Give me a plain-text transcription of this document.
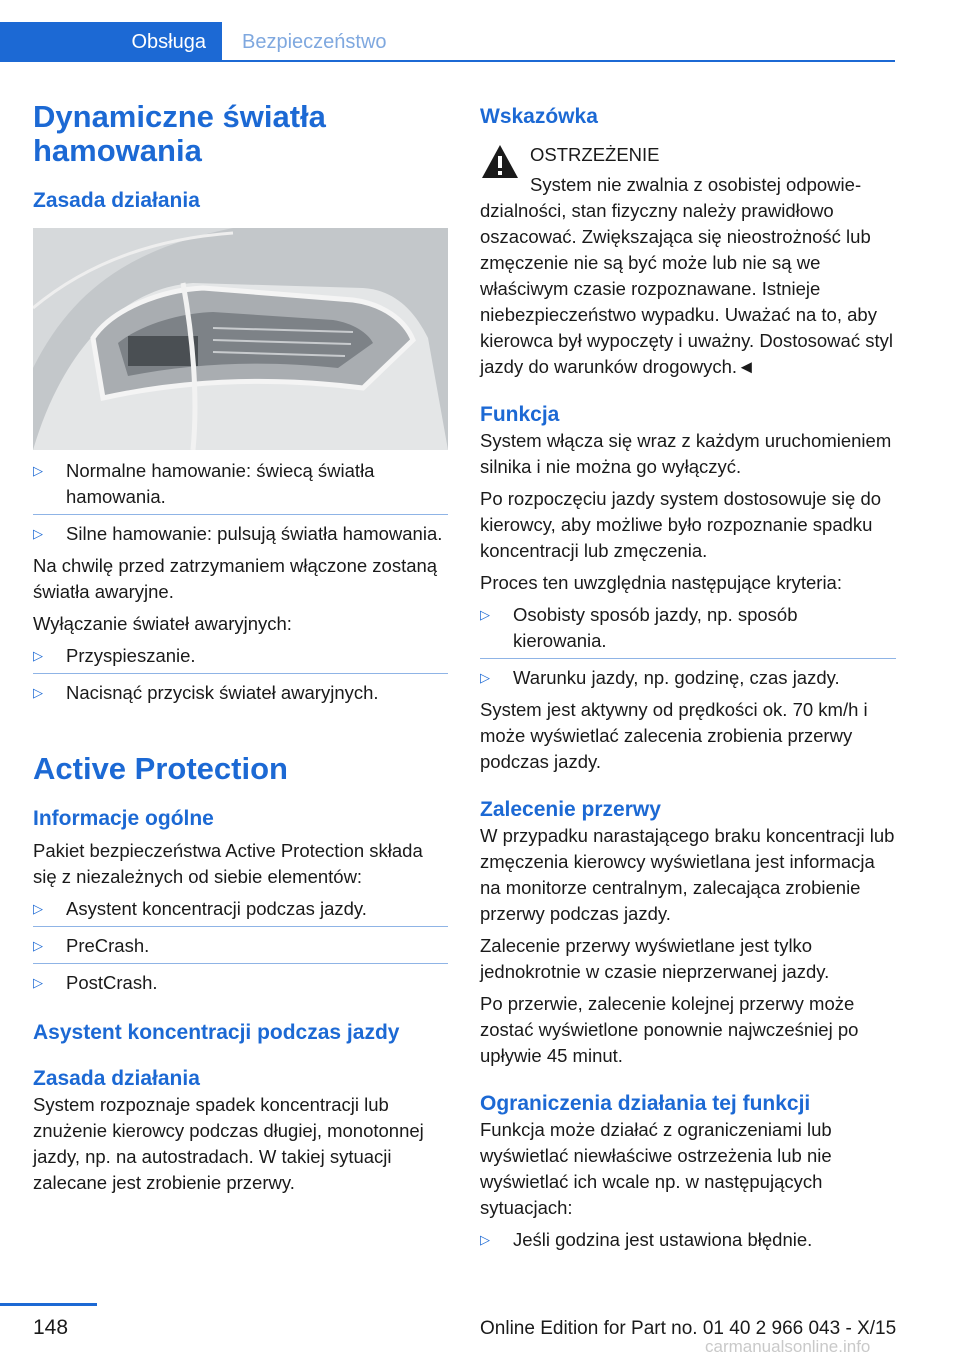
Obsługa Bezpieczeństwo
Dynamiczne światła hamowania
Zasada działania
▷ Normalne hamowanie: świecą światła hamowania.
▷ Silne hamowanie: pulsują światła hamowania.

Na chwilę przed zatrzymaniem włączone zostaną światła awaryjne.

Wyłączanie świateł awaryjnych:

▷ Przyspieszanie.
▷ Nacisnąć przycisk świateł awaryjnych.
Active Protection
Informacje ogólne

Pakiet bezpieczeństwa Active Protection składa się z niezależnych od siebie elementów:

▷ Asystent koncentracji podczas jazdy.
▷ PreCrash.
▷ PostCrash.
Asystent koncentracji podczas jazdy
Zasada działania

System rozpoznaje spadek koncentracji lub znużenie kierowcy podczas długiej, monotonnej jazdy, np. na autostradach. W takiej sytuacji zalecane jest zrobienie przerwy.

Wskazówka

OSTRZEŻENIE

System nie zwalnia z osobistej odpowie-

dzialności, stan fizyczny należy prawidłowo oszacować. Zwiększająca się nieostrożność lub zmęczenie nie są być może lub nie są we właściwym czasie rozpoznawane. Istnieje niebezpieczeństwo wypadku. Uważać na to, aby kierowca był wypoczęty i uważny. Dostosować styl jazdy do warunków drogowych.◄

Funkcja

System włącza się wraz z każdym uruchomieniem silnika i nie można go wyłączyć.

Po rozpoczęciu jazdy system dostosowuje się do kierowcy, aby możliwe było rozpoznanie spadku koncentracji lub zmęczenia.

Proces ten uwzględnia następujące kryteria:

▷ Osobisty sposób jazdy, np. sposób kierowania.
▷ Warunku jazdy, np. godzinę, czas jazdy.

System jest aktywny od prędkości ok. 70 km/h i może wyświetlać zalecenia zrobienia przerwy podczas jazdy.

Zalecenie przerwy

W przypadku narastającego braku koncentracji lub zmęczenia kierowcy wyświetlana jest informacja na monitorze centralnym, zalecająca zrobienie przerwy podczas jazdy.

Zalecenie przerwy wyświetlane jest tylko jednokrotnie w czasie nieprzerwanej jazdy.

Po przerwie, zalecenie kolejnej przerwy może zostać wyświetlone ponownie najwcześniej po upływie 45 minut.

Ograniczenia działania tej funkcji

Funkcja może działać z ograniczeniami lub wyświetlać niewłaściwe ostrzeżenia lub nie wyświetlać ich wcale np. w następujących sytuacjach:

▷ Jeśli godzina jest ustawiona błędnie.
148	Online Edition for Part no. 01 40 2 966 043 - X/15
carmanualsonline.info
